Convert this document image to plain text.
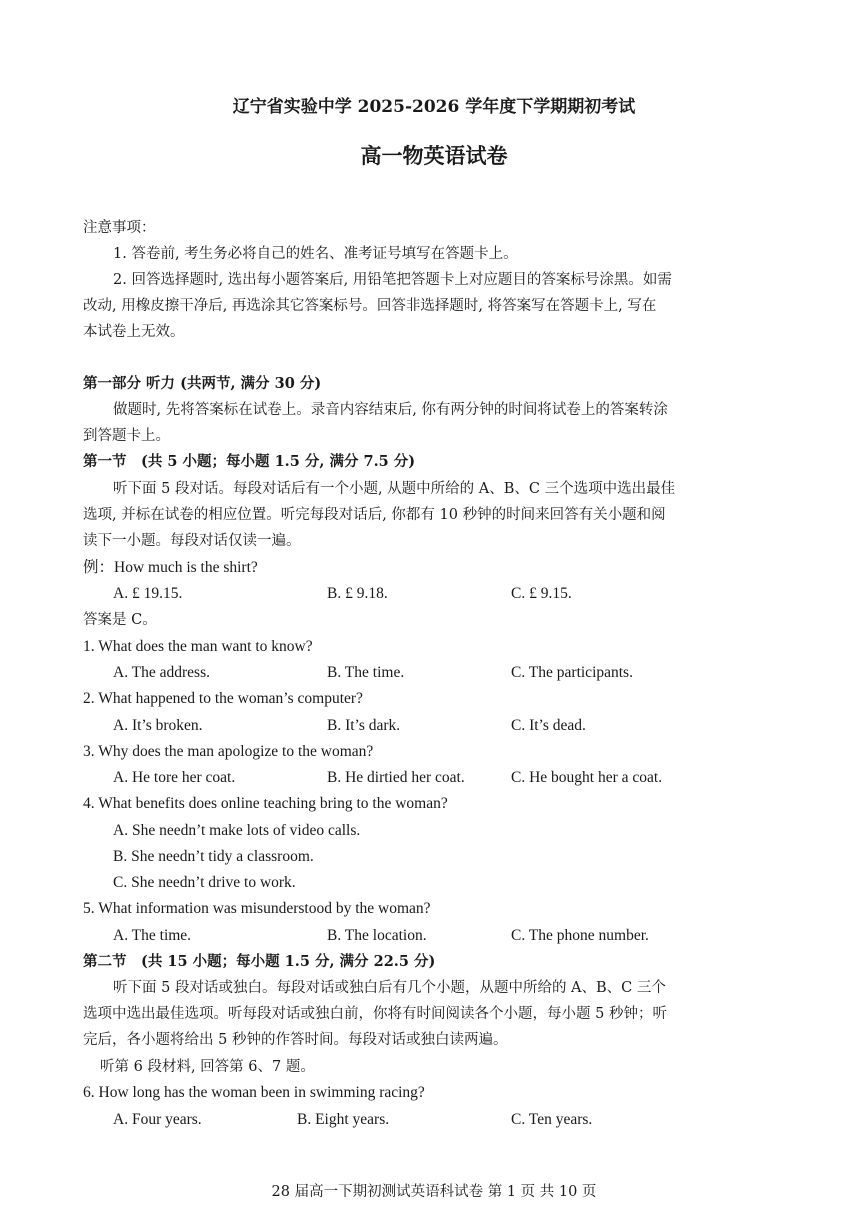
辽宁省实验中学 2025-2026 学年度下学期期初考试
高一物英语试卷
注意事项：
1. 答卷前, 考生务必将自己的姓名、准考证号填写在答题卡上。
2. 回答选择题时, 选出每小题答案后, 用铅笔把答题卡上对应题目的答案标号涂黑。如需
改动, 用橡皮擦干净后, 再选涂其它答案标号。回答非选择题时, 将答案写在答题卡上, 写在
本试卷上无效。
第一部分 听力 (共两节, 满分 30 分)
做题时, 先将答案标在试卷上。录音内容结束后, 你有两分钟的时间将试卷上的答案转涂
到答题卡上。
第一节　(共 5 小题；每小题 1.5 分, 满分 7.5 分)
听下面 5 段对话。每段对话后有一个小题, 从题中所给的 A、B、C 三个选项中选出最佳
选项, 并标在试卷的相应位置。听完每段对话后, 你都有 10 秒钟的时间来回答有关小题和阅
读下一小题。每段对话仅读一遍。
例：How much is the shirt?
A. £ 19.15.	B. £ 9.18.	C. £ 9.15.
答案是 C。
1. What does the man want to know?
A. The address.	B. The time.	C. The participants.
2. What happened to the woman’s computer?
A. It’s broken.	B. It’s dark.	C. It’s dead.
3. Why does the man apologize to the woman?
A. He tore her coat.	B. He dirtied her coat.	C. He bought her a coat.
4. What benefits does online teaching bring to the woman?
A. She needn’t make lots of video calls.
B. She needn’t tidy a classroom.
C. She needn’t drive to work.
5. What information was misunderstood by the woman?
A. The time.	B. The location.	C. The phone number.
第二节　(共 15 小题；每小题 1.5 分, 满分 22.5 分)
听下面 5 段对话或独白。每段对话或独白后有几个小题，从题中所给的 A、B、C 三个
选项中选出最佳选项。听每段对话或独白前，你将有时间阅读各个小题，每小题 5 秒钟；听
完后，各小题将给出 5 秒钟的作答时间。每段对话或独白读两遍。
听第 6 段材料, 回答第 6、7 题。
6. How long has the woman been in swimming racing?
A. Four years.	B. Eight years.	C. Ten years.
28 届高一下期初测试英语科试卷 第 1 页 共 10 页
